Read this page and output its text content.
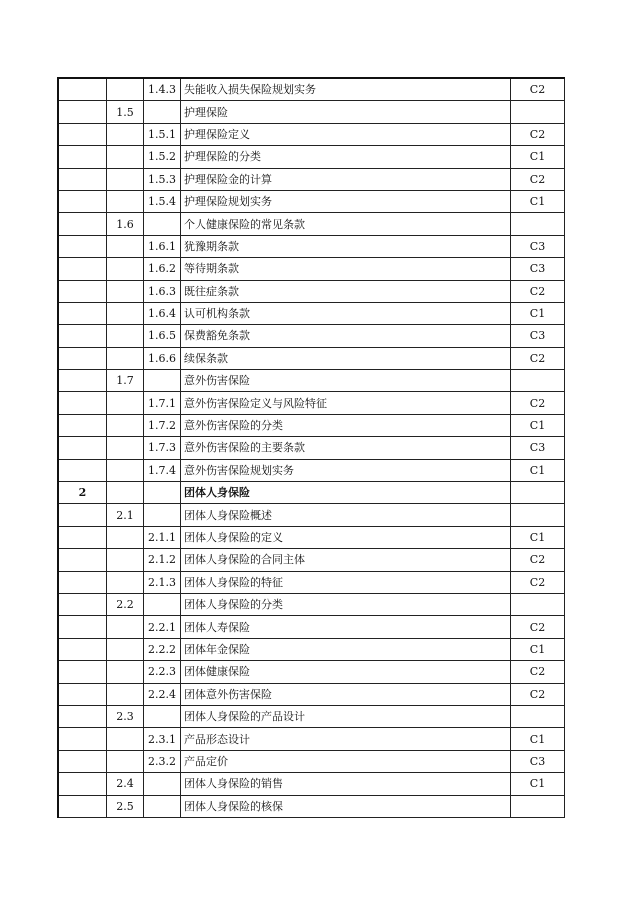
		1.4.3	失能收入损失保险规划实务	C2
	1.5		护理保险	
		1.5.1	护理保险定义	C2
		1.5.2	护理保险的分类	C1
		1.5.3	护理保险金的计算	C2
		1.5.4	护理保险规划实务	C1
	1.6		个人健康保险的常见条款	
		1.6.1	犹豫期条款	C3
		1.6.2	等待期条款	C3
		1.6.3	既往症条款	C2
		1.6.4	认可机构条款	C1
		1.6.5	保费豁免条款	C3
		1.6.6	续保条款	C2
	1.7		意外伤害保险	
		1.7.1	意外伤害保险定义与风险特征	C2
		1.7.2	意外伤害保险的分类	C1
		1.7.3	意外伤害保险的主要条款	C3
		1.7.4	意外伤害保险规划实务	C1
2			团体人身保险	
	2.1		团体人身保险概述	
		2.1.1	团体人身保险的定义	C1
		2.1.2	团体人身保险的合同主体	C2
		2.1.3	团体人身保险的特征	C2
	2.2		团体人身保险的分类	
		2.2.1	团体人寿保险	C2
		2.2.2	团体年金保险	C1
		2.2.3	团体健康保险	C2
		2.2.4	团体意外伤害保险	C2
	2.3		团体人身保险的产品设计	
		2.3.1	产品形态设计	C1
		2.3.2	产品定价	C3
	2.4		团体人身保险的销售	C1
	2.5		团体人身保险的核保	
